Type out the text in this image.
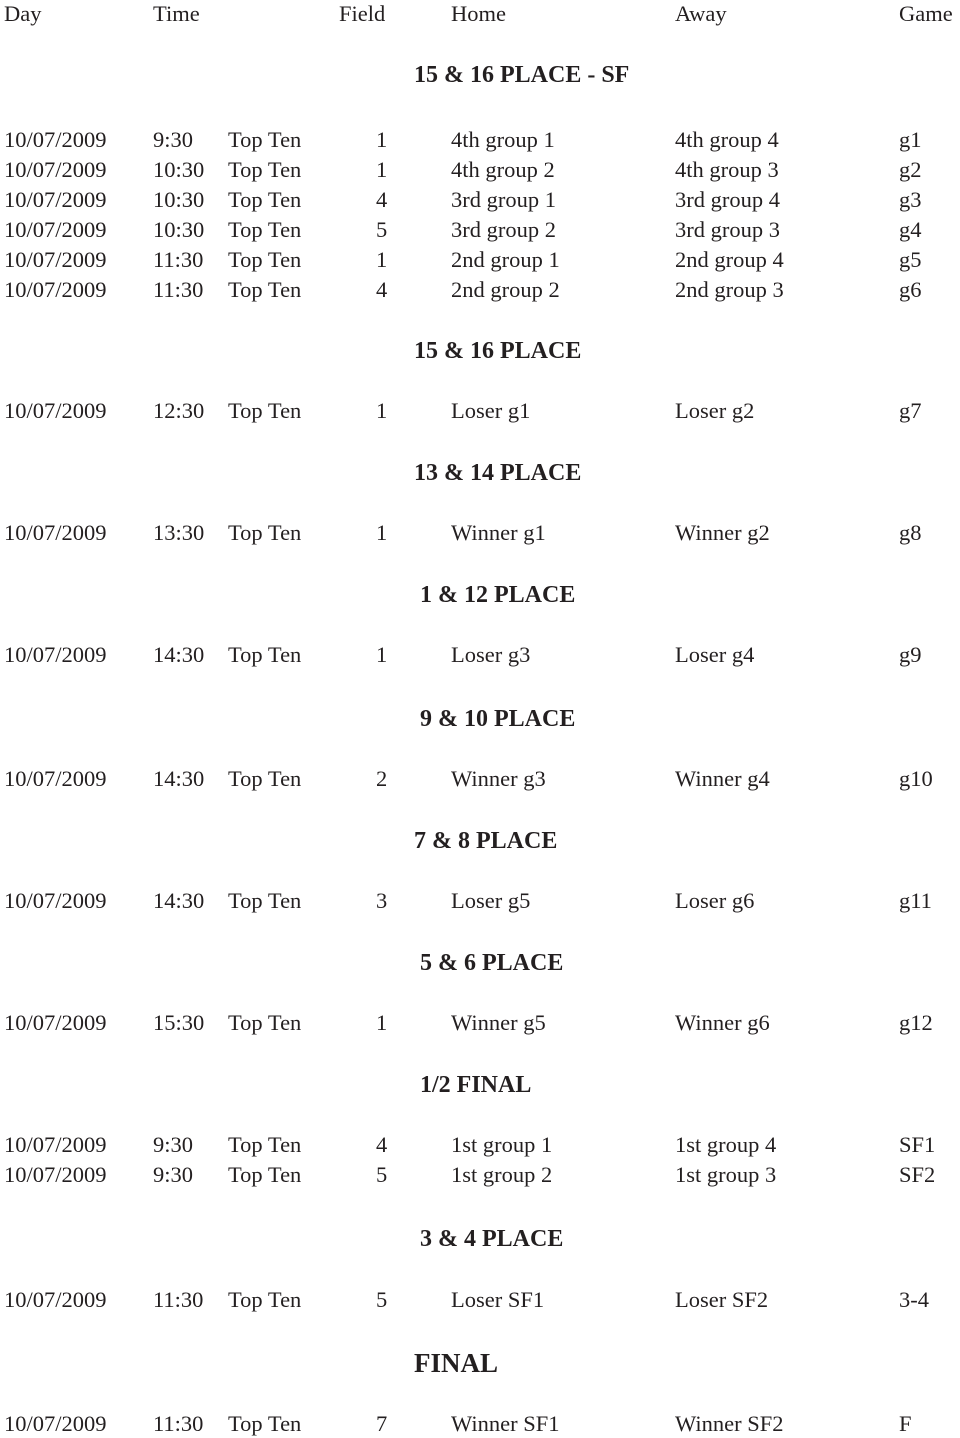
Day	Time	Field	Home	Away	Game
15 & 16 PLACE - SF
10/07/2009 9:30 Top Ten	1	4th group 1	4th group 4	g1
10/07/2009 10:30 Top Ten	1	4th group 2	4th group 3	g2
10/07/2009 10:30 Top Ten	4	3rd group 1	3rd group 4	g3
10/07/2009 10:30 Top Ten	5	3rd group 2	3rd group 3	g4
10/07/2009 11:30 Top Ten	1	2nd group 1	2nd group 4	g5
10/07/2009 11:30 Top Ten	4	2nd group 2	2nd group 3	g6
15 & 16 PLACE
10/07/2009 12:30 Top Ten	1	Loser g1	Loser g2	g7
13 & 14 PLACE
10/07/2009 13:30 Top Ten	1	Winner g1	Winner g2	g8
1 & 12 PLACE
10/07/2009 14:30 Top Ten	1	Loser g3	Loser g4	g9
9 & 10 PLACE
10/07/2009 14:30 Top Ten	2	Winner g3	Winner g4	g10
7 & 8 PLACE
10/07/2009 14:30 Top Ten	3	Loser g5	Loser g6	g11
5 & 6 PLACE
10/07/2009 15:30 Top Ten	1	Winner g5	Winner g6	g12
1/2 FINAL
10/07/2009 9:30 Top Ten	4	1st group 1	1st group 4	SF1
10/07/2009 9:30 Top Ten	5	1st group 2	1st group 3	SF2
3 & 4 PLACE
10/07/2009 11:30 Top Ten	5	Loser SF1	Loser SF2	3-4
FINAL
10/07/2009 11:30 Top Ten	7	Winner SF1	Winner SF2	F
